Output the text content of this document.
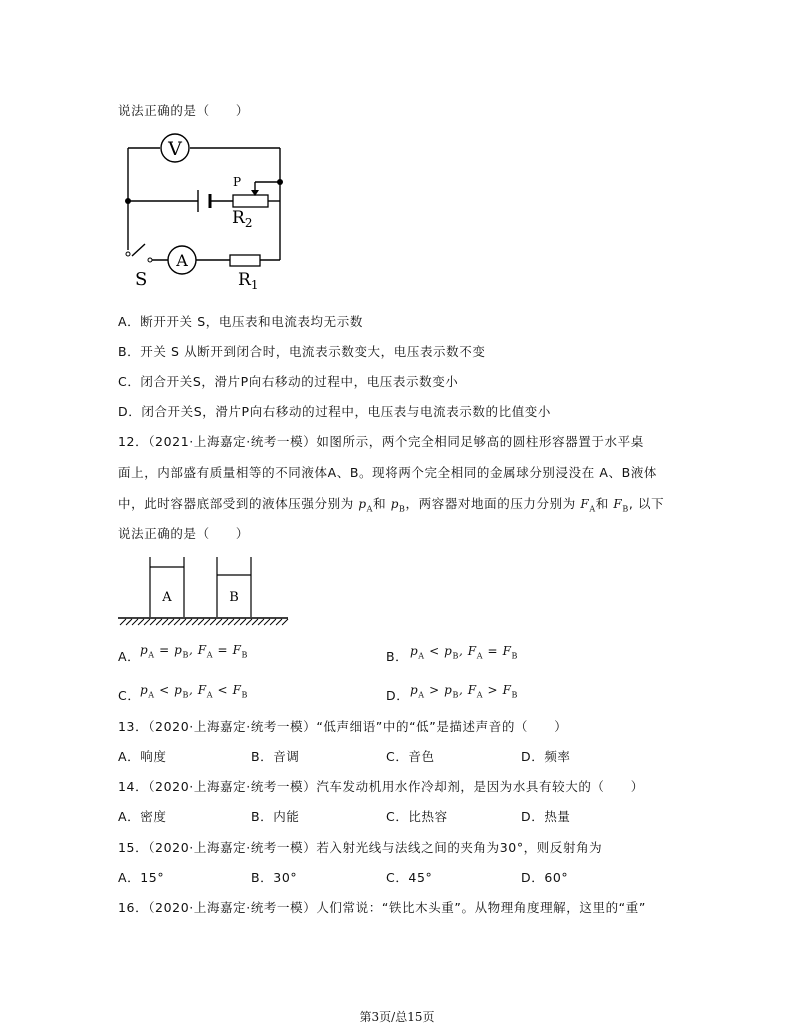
说法正确的是（　　）
V
A
P
$R_2$
S	$R_1$
A．断开开关 S，电压表和电流表均无示数
B．开关 S 从断开到闭合时，电流表示数变大，电压表示数不变
C．闭合开关S，滑片P向右移动的过程中，电压表示数变小
D．闭合开关S，滑片P向右移动的过程中，电压表与电流表示数的比值变小
12．（2021·上海嘉定·统考一模）如图所示，两个完全相同足够高的圆柱形容器置于水平桌
面上，内部盛有质量相等的不同液体A、B。现将两个完全相同的金属球分别浸没在 A、B液体
中，此时容器底部受到的液体压强分别为 $p_A$和 $p_B$，两容器对地面的压力分别为 $F_A$和 $F_B$, 以下
说法正确的是（　　）
A	B
A． $p_A = p_B$, $F_A = F_B$	B． $p_A < p_B$, $F_A = F_B$
C． $p_A < p_B$, $F_A < F_B$	D． $p_A > p_B$, $F_A > F_B$
13．（2020·上海嘉定·统考一模）“低声细语”中的“低”是描述声音的（　　）
A．响度	B．音调	C．音色	D．频率
14．（2020·上海嘉定·统考一模）汽车发动机用水作冷却剂，是因为水具有较大的（　　）
A．密度	B．内能	C．比热容	D．热量
15．（2020·上海嘉定·统考一模）若入射光线与法线之间的夹角为30°，则反射角为
A．15°	B．30°	C．45°	D．60°
16．（2020·上海嘉定·统考一模）人们常说：“铁比木头重”。从物理角度理解，这里的“重”
第3页/总15页
